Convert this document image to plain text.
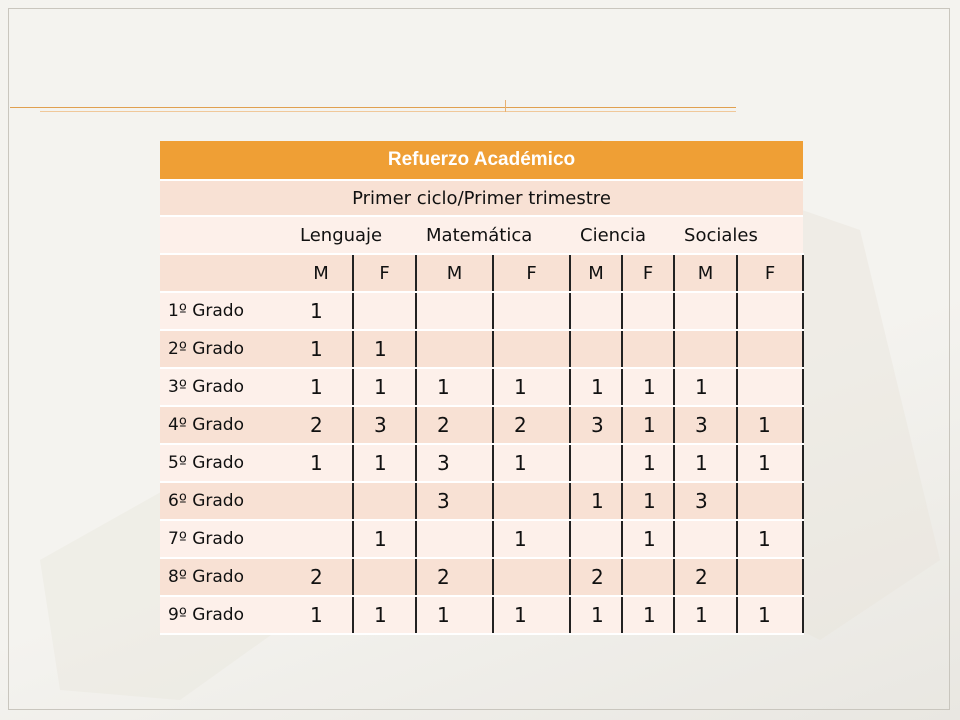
Refuerzo Académico
Primer ciclo/Primer trimestre
	Lenguaje		Matemática		Ciencia		Sociales	
	M	F	M	F	M	F	M	F
1º Grado	1							
2º Grado	1	1						
3º Grado	1	1	1	1	1	1	1	
4º Grado	2	3	2	2	3	1	3	1
5º Grado	1	1	3	1		1	1	1
6º Grado			3		1	1	3	
7º Grado		1		1		1		1
8º Grado	2		2		2		2	
9º Grado	1	1	1	1	1	1	1	1
